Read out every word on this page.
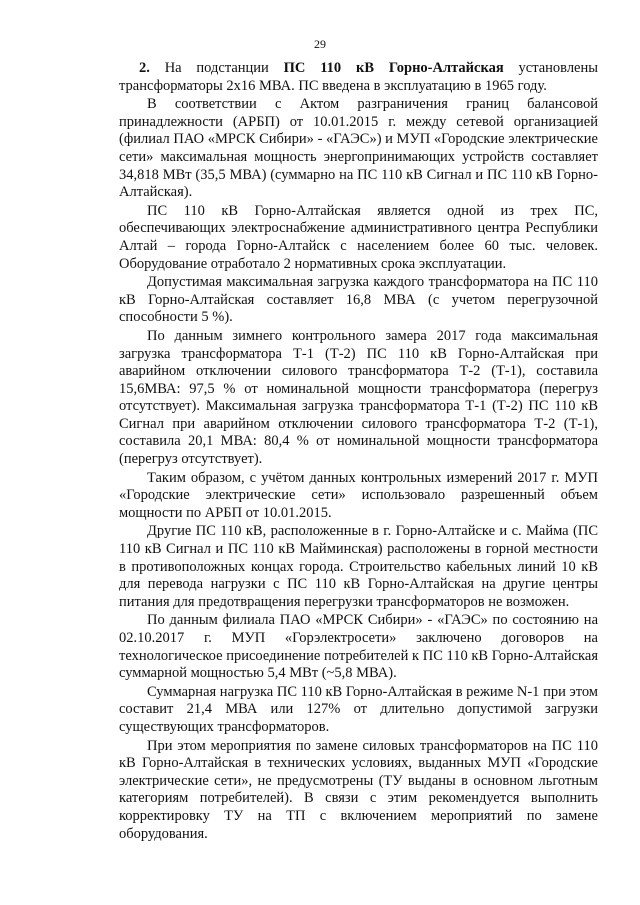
29

2. На подстанции ПС 110 кВ Горно-Алтайская установлены трансформаторы 2х16 МВА. ПС введена в эксплуатацию в 1965 году.

В соответствии с Актом разграничения границ балансовой принадлежности (АРБП) от 10.01.2015 г. между сетевой организацией (филиал ПАО «МРСК Сибири» - «ГАЭС») и МУП «Городские электрические сети» максимальная мощность энергопринимающих устройств составляет 34,818 МВт (35,5 МВА) (суммарно на ПС 110 кВ Сигнал и ПС 110 кВ Горно-Алтайская).

ПС 110 кВ Горно-Алтайская является одной из трех ПС, обеспечивающих электроснабжение административного центра Республики Алтай – города Горно-Алтайск с населением более 60 тыс. человек. Оборудование отработало 2 нормативных срока эксплуатации.

Допустимая максимальная загрузка каждого трансформатора на ПС 110 кВ Горно-Алтайская составляет 16,8 МВА (с учетом перегрузочной способности 5 %).

По данным зимнего контрольного замера 2017 года максимальная загрузка трансформатора Т-1 (Т-2) ПС 110 кВ Горно-Алтайская при аварийном отключении силового трансформатора Т-2 (Т-1), составила 15,6МВА: 97,5 % от номинальной мощности трансформатора (перегруз отсутствует). Максимальная загрузка трансформатора Т-1 (Т-2) ПС 110 кВ Сигнал при аварийном отключении силового трансформатора Т-2 (Т-1), составила 20,1 МВА: 80,4 % от номинальной мощности трансформатора (перегруз отсутствует).

Таким образом, с учётом данных контрольных измерений 2017 г. МУП «Городские электрические сети» использовало разрешенный объем мощности по АРБП от 10.01.2015.

Другие ПС 110 кВ, расположенные в г. Горно-Алтайске и с. Майма (ПС 110 кВ Сигнал и ПС 110 кВ Майминская) расположены в горной местности в противоположных концах города. Строительство кабельных линий 10 кВ для перевода нагрузки с ПС 110 кВ Горно-Алтайская на другие центры питания для предотвращения перегрузки трансформаторов не возможен.

По данным филиала ПАО «МРСК Сибири» - «ГАЭС» по состоянию на 02.10.2017 г. МУП «Горэлектросети» заключено договоров на технологическое присоединение потребителей к ПС 110 кВ Горно-Алтайская суммарной мощностью 5,4 МВт (~5,8 МВА).

Суммарная нагрузка ПС 110 кВ Горно-Алтайская в режиме N-1 при этом составит 21,4 МВА или 127% от длительно допустимой загрузки существующих трансформаторов.

При этом мероприятия по замене силовых трансформаторов на ПС 110 кВ Горно-Алтайская в технических условиях, выданных МУП «Городские электрические сети», не предусмотрены (ТУ выданы в основном льготным категориям потребителей). В связи с этим рекомендуется выполнить корректировку ТУ на ТП с включением мероприятий по замене оборудования.
